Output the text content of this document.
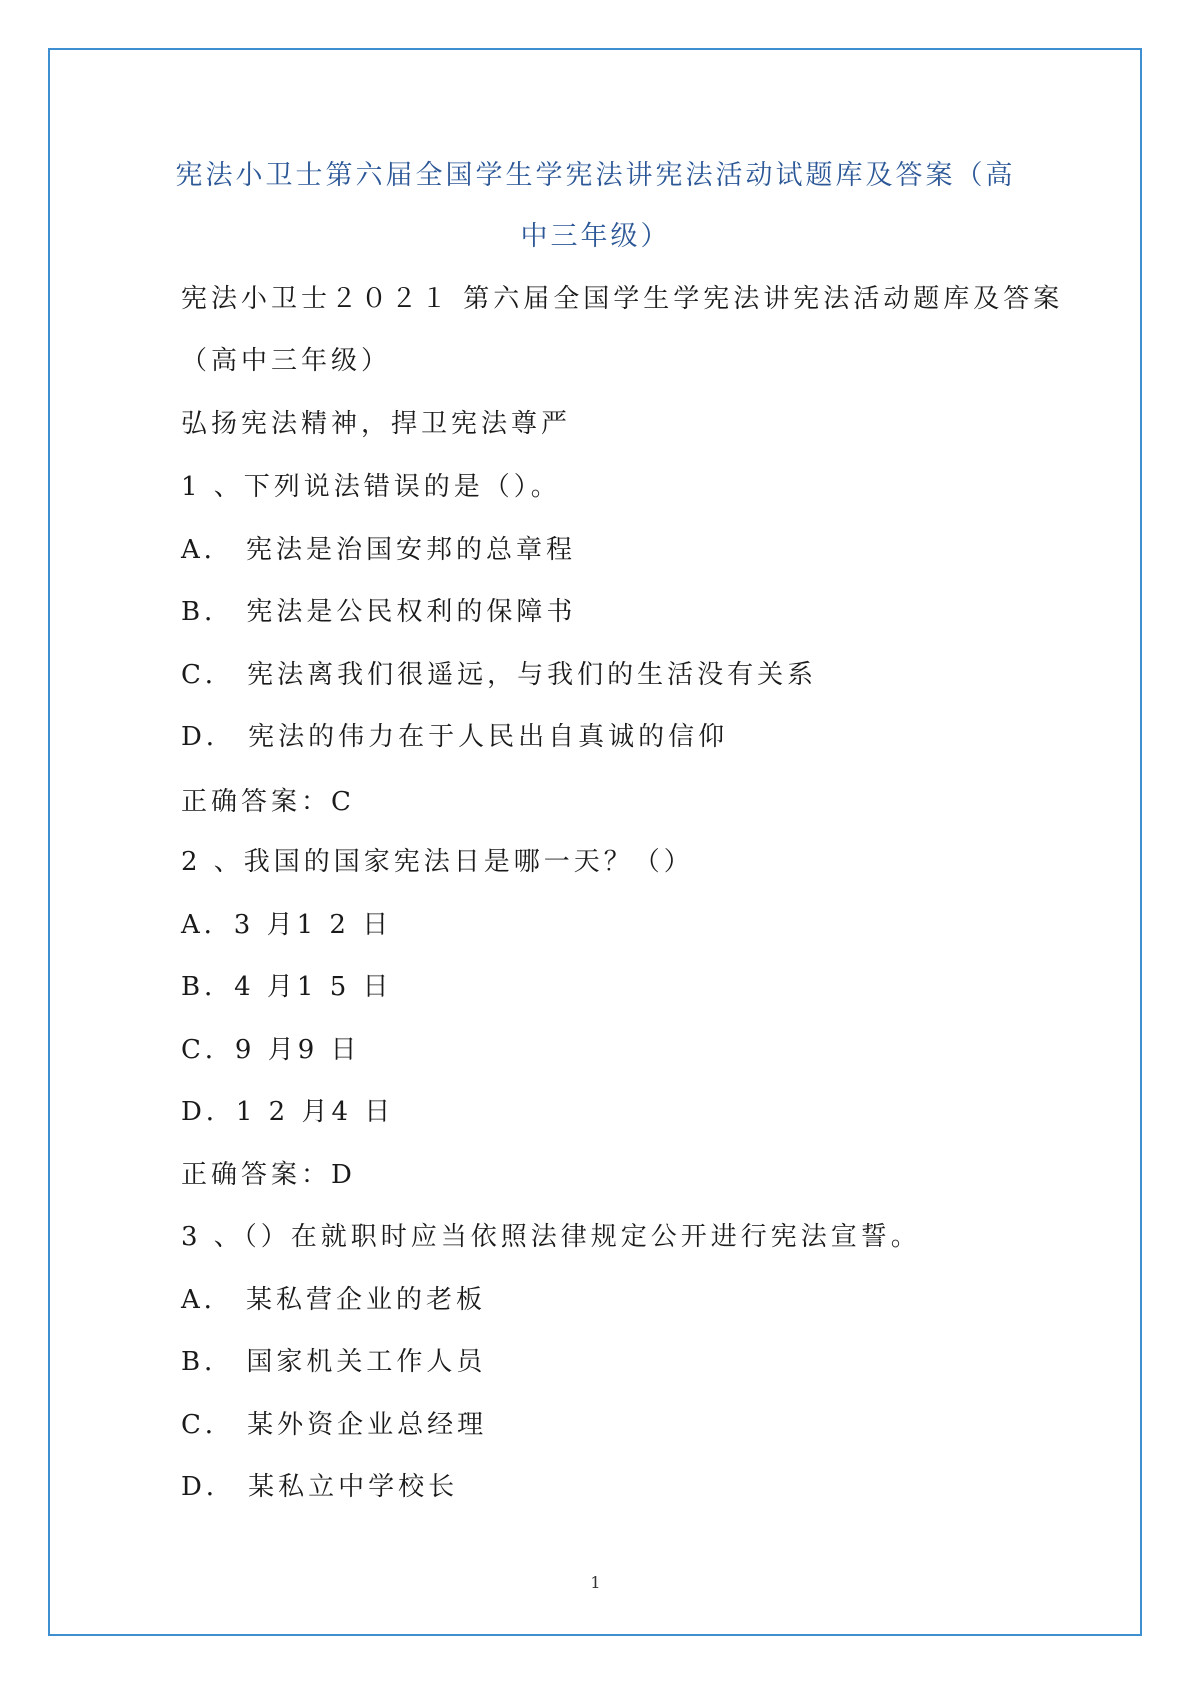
宪法小卫士第六届全国学生学宪法讲宪法活动试题库及答案（高
中三年级）
宪法小卫士２０２１ 第六届全国学生学宪法讲宪法活动题库及答案
（高中三年级）
弘扬宪法精神，捍卫宪法尊严
1 、下列说法错误的是（）。
A． 宪法是治国安邦的总章程
B． 宪法是公民权利的保障书
C． 宪法离我们很遥远，与我们的生活没有关系
D． 宪法的伟力在于人民出自真诚的信仰
正确答案：C
2 、我国的国家宪法日是哪一天？（）
A．3 月1 2 日
B．4 月1 5 日
C．9 月9 日
D．1 2 月4 日
正确答案：D
3 、（）在就职时应当依照法律规定公开进行宪法宣誓。
A． 某私营企业的老板
B． 国家机关工作人员
C． 某外资企业总经理
D． 某私立中学校长
1
